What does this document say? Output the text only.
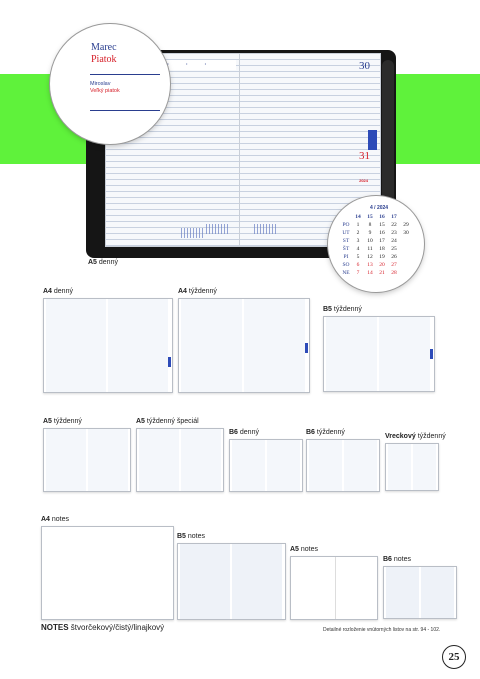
•	•	•	30
31
2024
Marec
Piatok
Miroslav
Veľký piatok
4 / 2024
14	15	16	17
PO	1	8	15	22	29
UT	2	9	16	23	30
ST	3	10	17	24
ŠT	4	11	18	25
PI	5	12	19	26
SO	6	13	20	27
NE	7	14	21	28
A5 denný
A4 denný	A4 týždenný
B5 týždenný
A5 týždenný	A5 týždenný špeciál
B6 denný	B6 týždenný
Vreckový týždenný
A4 notes
B5 notes
A5 notes
B6 notes
NOTES štvorčekový/čistý/linajkový	Detailné rozloženie vnútorných listov na str. 94 - 102.
25
